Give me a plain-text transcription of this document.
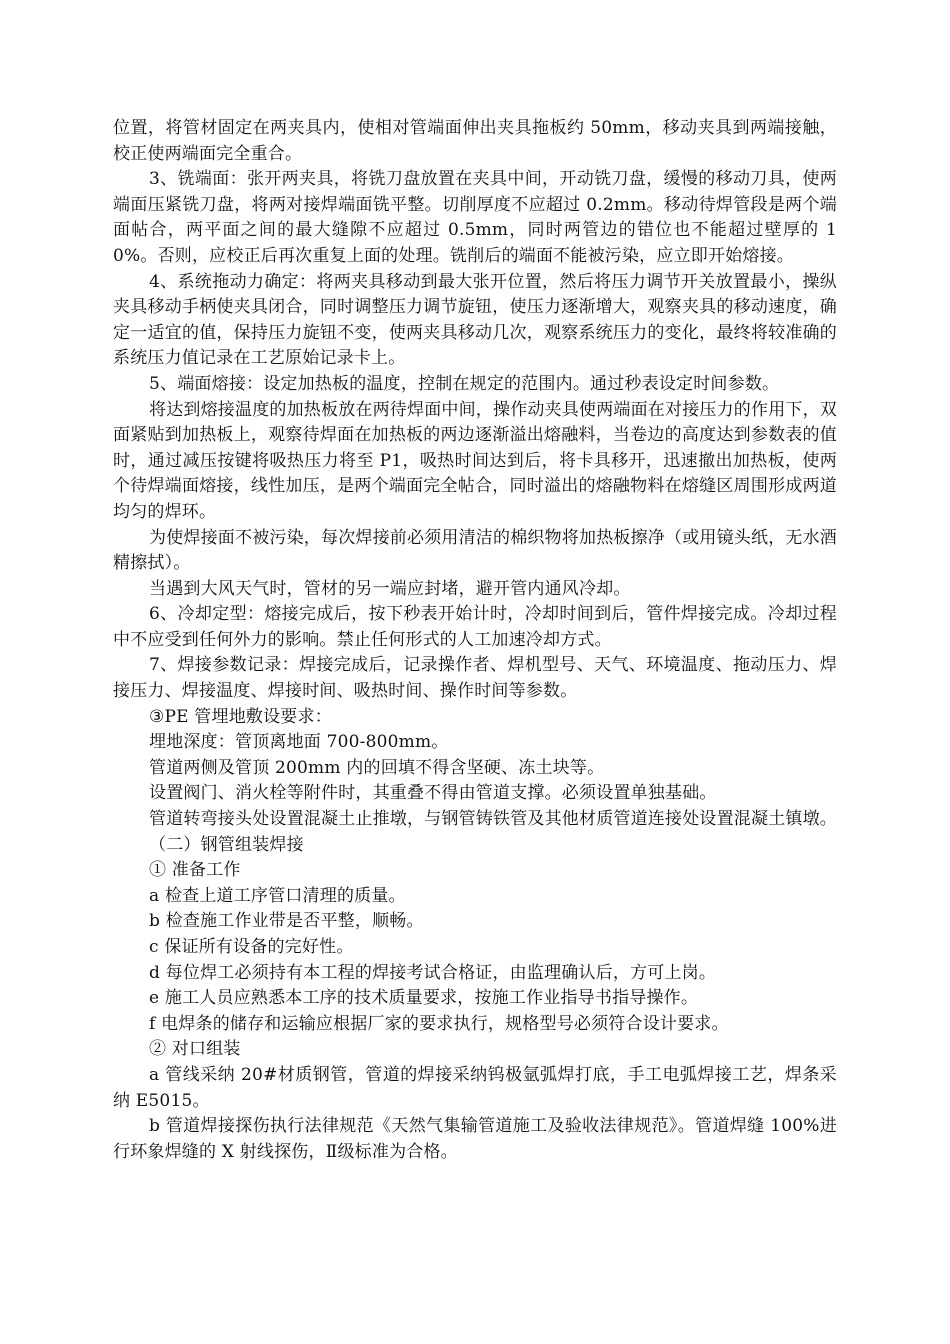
位置，将管材固定在两夹具内，使相对管端面伸出夹具拖板约 50mm，移动夹具到两端接触，校正使两端面完全重合。

3、铣端面：张开两夹具，将铣刀盘放置在夹具中间，开动铣刀盘，缓慢的移动刀具，使两端面压紧铣刀盘，将两对接焊端面铣平整。切削厚度不应超过 0.2mm。移动待焊管段是两个端面帖合，两平面之间的最大缝隙不应超过 0.5mm，同时两管边的错位也不能超过壁厚的 10%。否则，应校正后再次重复上面的处理。铣削后的端面不能被污染，应立即开始熔接。

4、系统拖动力确定：将两夹具移动到最大张开位置，然后将压力调节开关放置最小，操纵夹具移动手柄使夹具闭合，同时调整压力调节旋钮，使压力逐渐增大，观察夹具的移动速度，确定一适宜的值，保持压力旋钮不变，使两夹具移动几次，观察系统压力的变化，最终将较准确的系统压力值记录在工艺原始记录卡上。

5、端面熔接：设定加热板的温度，控制在规定的范围内。通过秒表设定时间参数。

将达到熔接温度的加热板放在两待焊面中间，操作动夹具使两端面在对接压力的作用下，双面紧贴到加热板上，观察待焊面在加热板的两边逐渐溢出熔融料，当卷边的高度达到参数表的值时，通过减压按键将吸热压力将至 P1，吸热时间达到后，将卡具移开，迅速撤出加热板，使两个待焊端面熔接，线性加压，是两个端面完全帖合，同时溢出的熔融物料在熔缝区周围形成两道均匀的焊环。

为使焊接面不被污染，每次焊接前必须用清洁的棉织物将加热板擦净（或用镜头纸，无水酒精擦拭）。

当遇到大风天气时，管材的另一端应封堵，避开管内通风冷却。

6、冷却定型：熔接完成后，按下秒表开始计时，冷却时间到后，管件焊接完成。冷却过程中不应受到任何外力的影响。禁止任何形式的人工加速冷却方式。

7、焊接参数记录：焊接完成后，记录操作者、焊机型号、天气、环境温度、拖动压力、焊接压力、焊接温度、焊接时间、吸热时间、操作时间等参数。

③PE 管埋地敷设要求：

埋地深度：管顶离地面 700-800mm。

管道两侧及管顶 200mm 内的回填不得含坚硬、冻土块等。

设置阀门、消火栓等附件时，其重叠不得由管道支撑。必须设置单独基础。

管道转弯接头处设置混凝土止推墩，与钢管铸铁管及其他材质管道连接处设置混凝土镇墩。

（二）钢管组装焊接

① 准备工作

a 检查上道工序管口清理的质量。

b 检查施工作业带是否平整，顺畅。

c 保证所有设备的完好性。

d 每位焊工必须持有本工程的焊接考试合格证，由监理确认后，方可上岗。

e 施工人员应熟悉本工序的技术质量要求，按施工作业指导书指导操作。

f 电焊条的储存和运输应根据厂家的要求执行，规格型号必须符合设计要求。

② 对口组装

a 管线采纳 20#材质钢管，管道的焊接采纳钨极氩弧焊打底，手工电弧焊接工艺，焊条采纳 E5015。

b 管道焊接探伤执行法律规范《天然气集输管道施工及验收法律规范》。管道焊缝 100%进行环象焊缝的 X 射线探伤，Ⅱ级标准为合格。
